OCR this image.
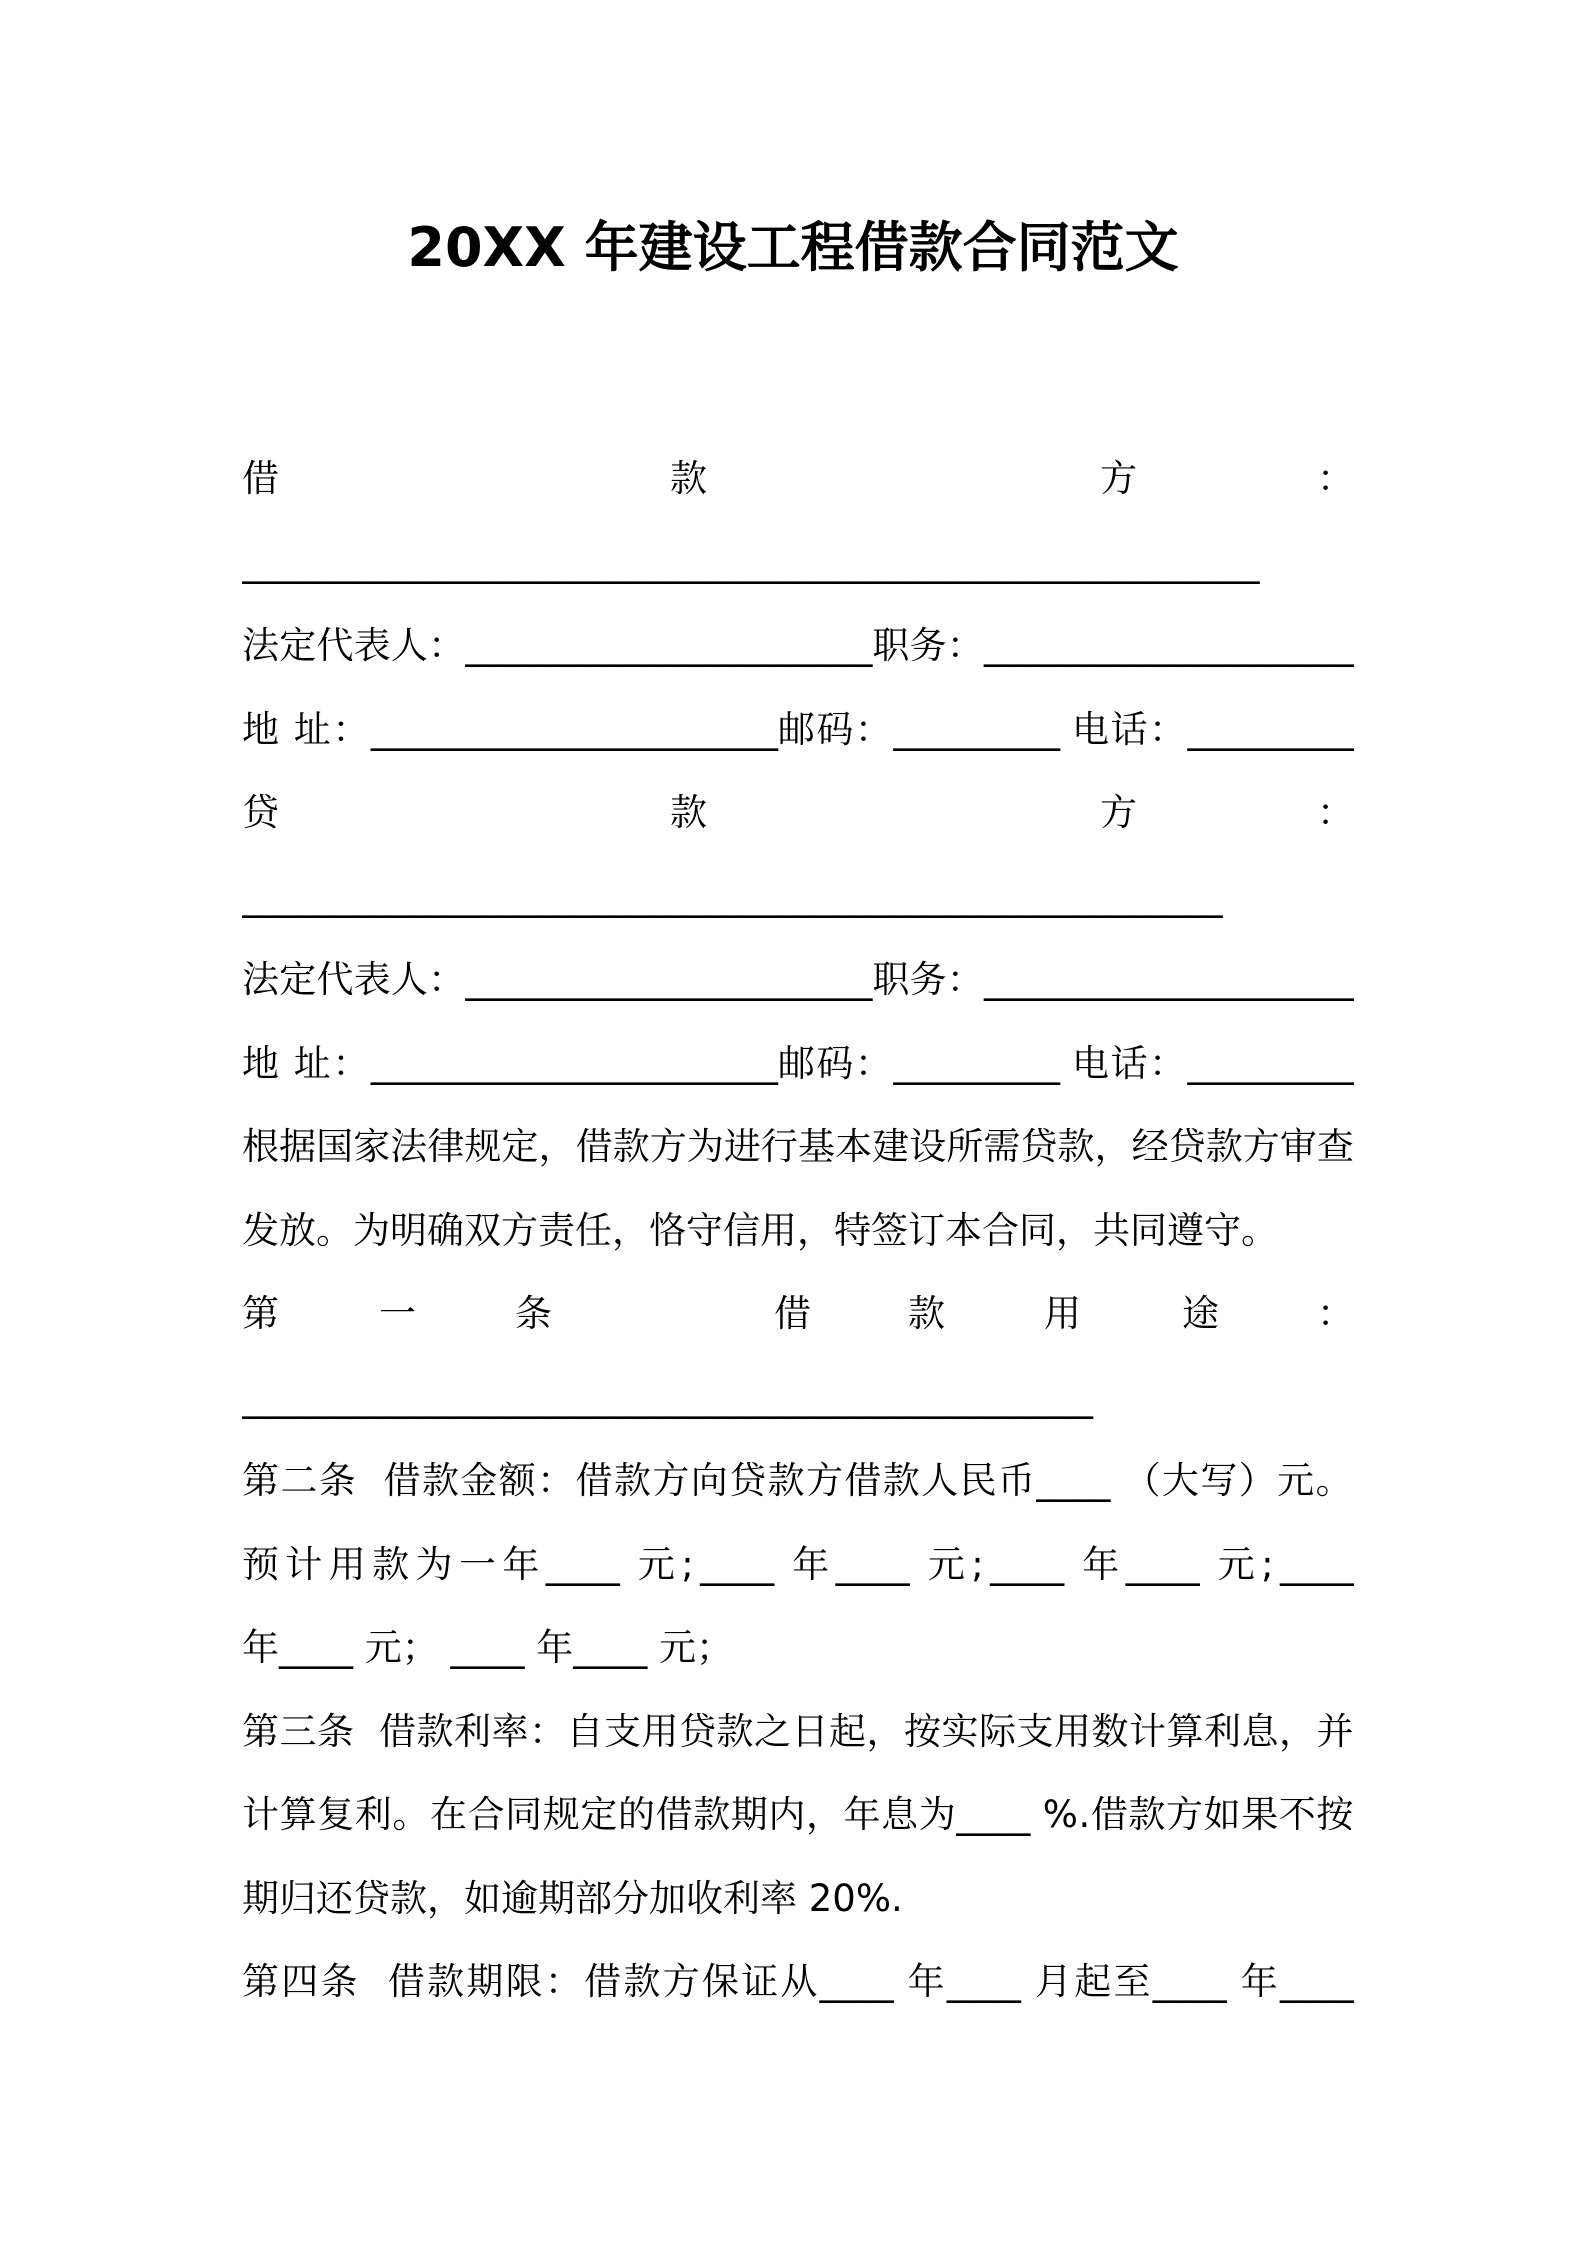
20XX 年建设工程借款合同范文
借	款	方	：
_______________________________________________________
法定代表人：______________________职务：____________________
地 址：______________________邮码：_________ 电话：_________
贷	款	方	：
_____________________________________________________
法定代表人：______________________职务：____________________
地 址：______________________邮码：_________ 电话：_________
根据国家法律规定，借款方为进行基本建设所需贷款，经贷款方审查
发放。为明确双方责任，恪守信用，特签订本合同，共同遵守。
第	一	条	借	款	用	途	：
______________________________________________
第二条  借款金额：借款方向贷款方借款人民币____ （大写）元。
预计用款为一年____ 元;____ 年____ 元;____ 年____ 元;____
年____ 元； ____ 年____ 元；
第三条  借款利率：自支用贷款之日起，按实际支用数计算利息，并
计算复利。在合同规定的借款期内，年息为____ %.借款方如果不按
期归还贷款，如逾期部分加收利率 20%.
第四条  借款期限：借款方保证从____ 年____ 月起至____ 年____
